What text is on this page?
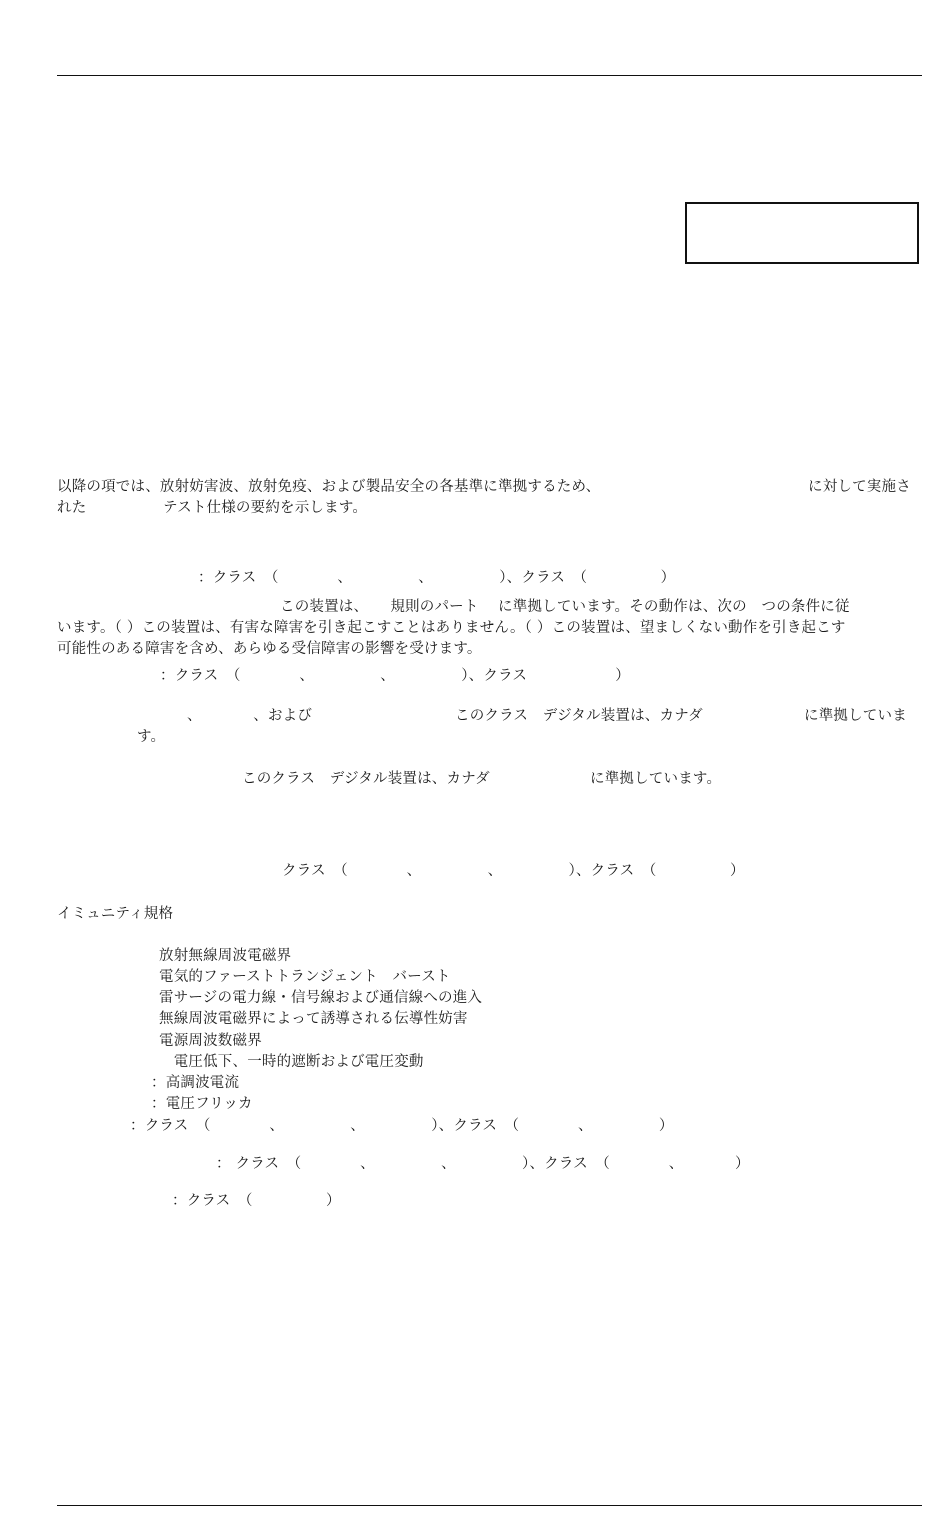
以降の項では、放射妨害波、放射免疫、および製品安全の各基準に準拠するため、	に対して実施さ
れた	テスト仕様の要約を示します。
：クラス　（　　　　、　　　　　、　　　　　）、クラス　（　　　　　）
この装置は、　　規則のパート　 に準拠しています。その動作は、次の　つの条件に従
います。（ ）この装置は、有害な障害を引き起こすことはありません。（ ）この装置は、望ましくない動作を引き起こす
可能性のある障害を含め、あらゆる受信障害の影響を受けます。
：クラス　（　　　　、　　　　　、　　　　　）、クラス　　　　　　）
、　　　　、および	このクラス　デジタル装置は、カナダ	に準拠していま
す。
このクラス　デジタル装置は、カナダ	に準拠しています。
クラス　（　　　　、　　　　　、　　　　　）、クラス　（　　　　　）
イミュニティ規格
放射無線周波電磁界
電気的ファーストトランジェント　バースト
雷サージの電力線・信号線および通信線への進入
無線周波電磁界によって誘導される伝導性妨害
電源周波数磁界
　電圧低下、一時的遮断および電圧変動
：高調波電流
：電圧フリッカ
：クラス　（　　　　、　　　　　、　　　　　）、クラス　（　　　　、　　　　　）
： クラス　（　　　　、　　　　　、　　　　　）、クラス　（　　　　、　　　　）
：クラス　（　　　　　）
